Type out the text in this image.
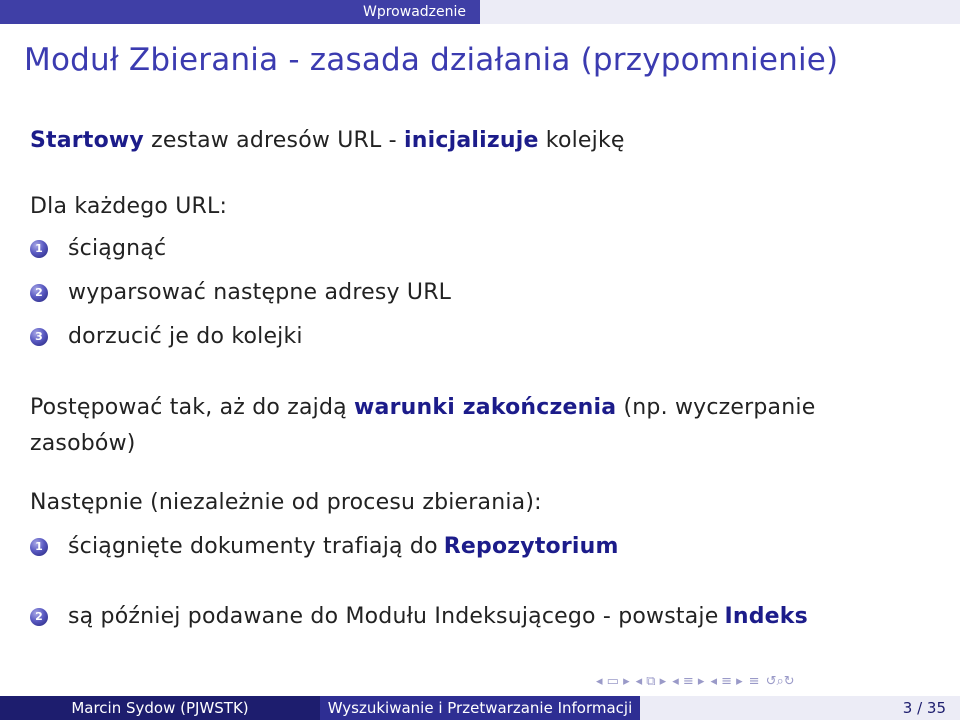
Wprowadzenie
Moduł Zbierania - zasada działania (przypomnienie)
Startowy zestaw adresów URL - inicjalizuje kolejkę
Dla każdego URL:
1 ściągnąć
2 wyparsować następne adresy URL
3 dorzucić je do kolejki
Postępować tak, aż do zajdą warunki zakończenia (np. wyczerpanie zasobów)
Następnie (niezależnie od procesu zbierania):
1 ściągnięte dokumenty trafiają do Repozytorium
2 są później podawane do Modułu Indeksującego - powstaje Indeks
◂ ▭ ▸ ◂ ⧉ ▸ ◂ ≡ ▸ ◂ ≡ ▸ ≡ ↺⌕↻
Marcin Sydow (PJWSTK)	Wyszukiwanie i Przetwarzanie Informacji	3 / 35
